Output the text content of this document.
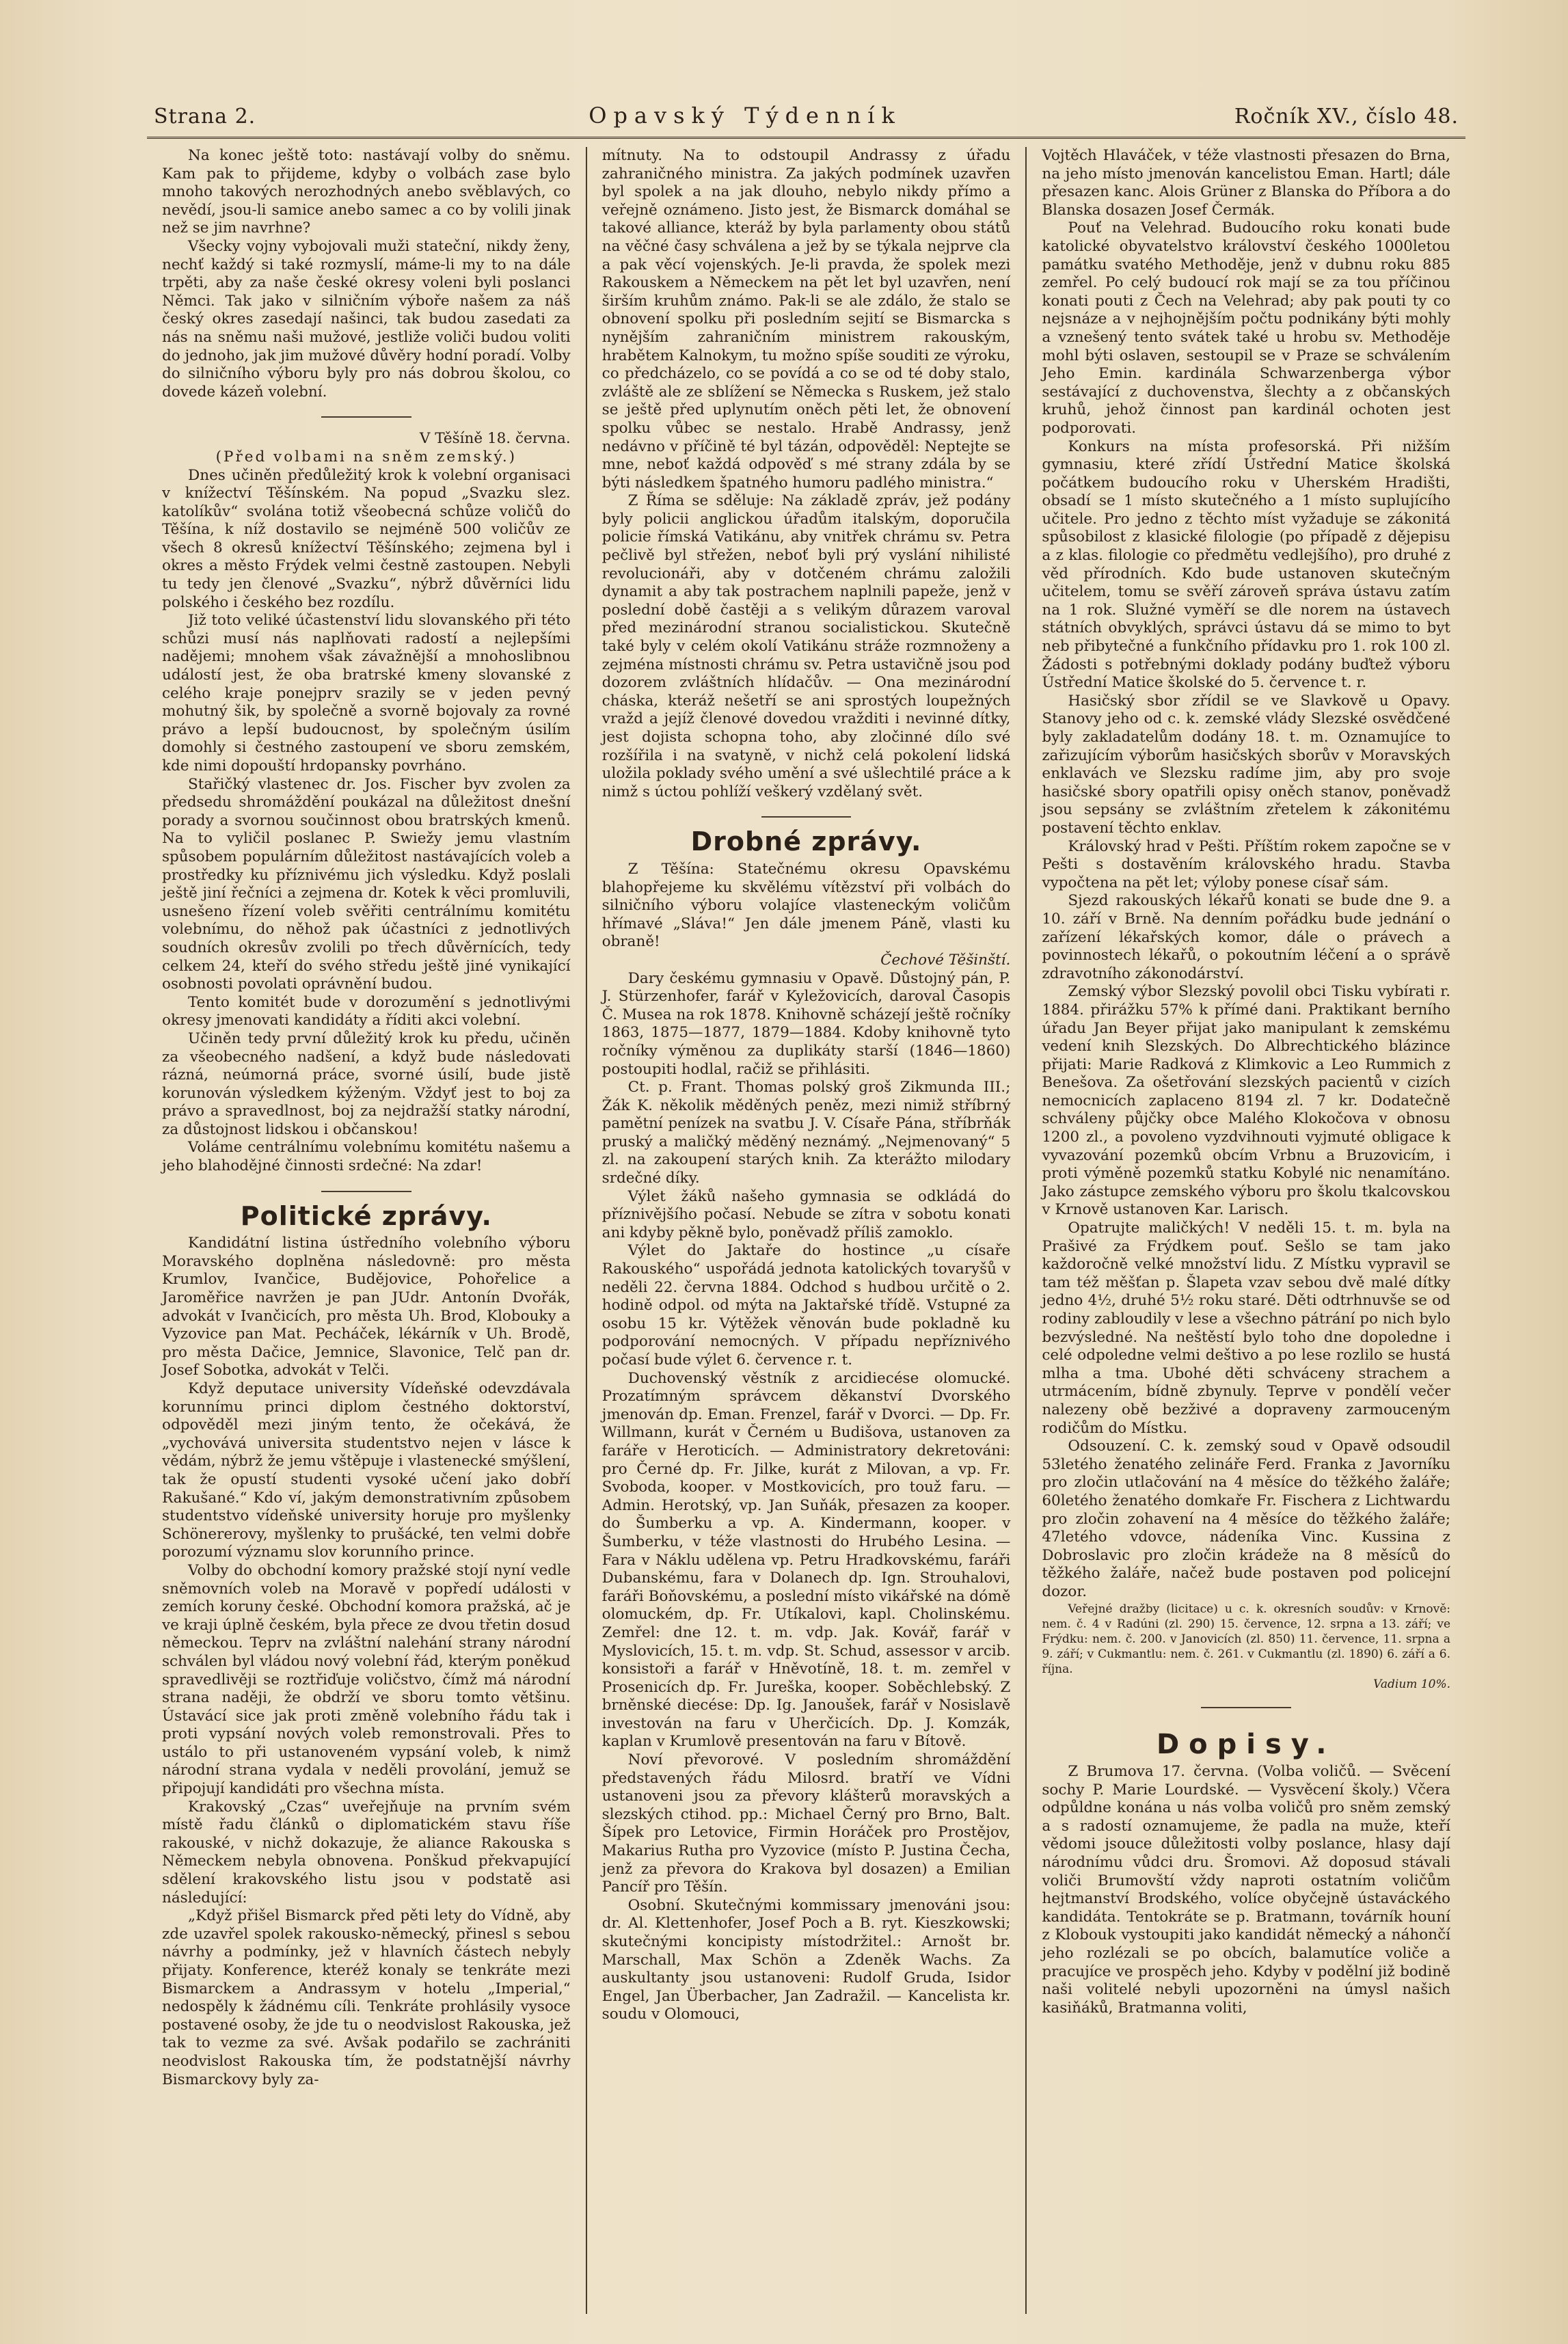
Strana 2.	Opavský Týdenník	Ročník XV., číslo 48.

Na konec ještě toto: nastávají volby do sněmu. Kam pak to přijdeme, kdyby o volbách zase bylo mnoho takových nerozhodných anebo svěblavých, co nevědí, jsou-li samice anebo samec a co by volili jinak než se jim navrhne?

Všecky vojny vybojovali muži stateční, nikdy ženy, nechť každý si také rozmyslí, máme-li my to na dále trpěti, aby za naše české okresy voleni byli poslanci Němci. Tak jako v silničním výboře našem za náš český okres zasedají našinci, tak budou zasedati za nás na sněmu naši mužové, jestliže voliči budou voliti do jednoho, jak jim mužové důvěry hodní poradí. Volby do silničního výboru byly pro nás dobrou školou, co dovede kázeň volební.

V Těšíně 18. června.

(Před volbami na sněm zemský.)

Dnes učiněn předůležitý krok k volební organisaci v knížectví Těšínském. Na popud „Svazku slez. katolíkův“ svolána totiž všeobecná schůze voličů do Těšína, k níž dostavilo se nejméně 500 voličův ze všech 8 okresů knížectví Těšínského; zejmena byl i okres a město Frýdek velmi čestně zastoupen. Nebyli tu tedy jen členové „Svazku“, nýbrž důvěrníci lidu polského i českého bez rozdílu.

Již toto veliké účastenství lidu slovanského při této schůzi musí nás naplňovati radostí a nejlepšími nadějemi; mnohem však závažnější a mnohoslibnou událostí jest, že oba bratrské kmeny slovanské z celého kraje ponejprv srazily se v jeden pevný mohutný šik, by společně a svorně bojovaly za rovné právo a lepší budoucnost, by společným úsilím domohly si čestného zastoupení ve sboru zemském, kde nimi dopouští hrdopansky povrháno.

Stařičký vlastenec dr. Jos. Fischer byv zvolen za předsedu shromáždění poukázal na důležitost dnešní porady a svornou součinnost obou bratrských kmenů. Na to vyličil poslanec P. Swiežy jemu vlastním spůsobem populárním důležitost nastávajících voleb a prostředky ku příznivému jich výsledku. Když poslali ještě jiní řečníci a zejmena dr. Kotek k věci promluvili, usnešeno řízení voleb svěřiti centrálnímu komitétu volebnímu, do něhož pak účastníci z jednotlivých soudních okresův zvolili po třech důvěrnících, tedy celkem 24, kteří do svého středu ještě jiné vynikající osobnosti povolati oprávnění budou.

Tento komitét bude v dorozumění s jednotlivými okresy jmenovati kandidáty a říditi akci volební.

Učiněn tedy první důležitý krok ku předu, učiněn za všeobecného nadšení, a když bude následovati rázná, neúmorná práce, svorné úsilí, bude jistě korunován výsledkem kýženým. Vždyť jest to boj za právo a spravedlnost, boj za nejdražší statky národní, za důstojnost lidskou i občanskou!

Voláme centrálnímu volebnímu komitétu našemu a jeho blahodějné činnosti srdečné: Na zdar!

Politické zprávy.

Kandidátní listina ústředního volebního výboru Moravského doplněna následovně: pro města Krumlov, Ivančice, Budějovice, Pohořelice a Jaroměřice navržen je pan JUdr. Antonín Dvořák, advokát v Ivančicích, pro města Uh. Brod, Klobouky a Vyzovice pan Mat. Pecháček, lékárník v Uh. Brodě, pro města Dačice, Jemnice, Slavonice, Telč pan dr. Josef Sobotka, advokát v Telči.

Když deputace university Vídeňské odevzdávala korunnímu princi diplom čestného doktorství, odpověděl mezi jiným tento, že očekává, že „vychovává universita studentstvo nejen v lásce k vědám, nýbrž že jemu vštěpuje i vlastenecké smýšlení, tak že opustí studenti vysoké učení jako dobří Rakušané.“ Kdo ví, jakým demonstrativním způsobem studentstvo vídeňské university horuje pro myšlenky Schönererovy, myšlenky to prušácké, ten velmi dobře porozumí významu slov korunního prince.

Volby do obchodní komory pražské stojí nyní vedle sněmovních voleb na Moravě v popředí události v zemích koruny české. Obchodní komora pražská, ač je ve kraji úplně českém, byla přece ze dvou třetin dosud německou. Teprv na zvláštní nalehání strany národní schválen byl vládou nový volební řád, kterým poněkud spravedlivěji se roztřiďuje voličstvo, čímž má národní strana naději, že obdrží ve sboru tomto většinu. Ústavácí sice jak proti změně volebního řádu tak i proti vypsání nových voleb remonstrovali. Přes to ustálo to při ustanoveném vypsání voleb, k nimž národní strana vydala v neděli provolání, jemuž se připojují kandidáti pro všechna místa.

Krakovský „Czas“ uveřejňuje na prvním svém místě řadu článků o diplomatickém stavu říše rakouské, v nichž dokazuje, že aliance Rakouska s Německem nebyla obnovena. Ponškud překvapující sdělení krakovského listu jsou v podstatě asi následující:

„Když přišel Bismarck před pěti lety do Vídně, aby zde uzavřel spolek rakousko-německý, přinesl s sebou návrhy a podmínky, jež v hlavních částech nebyly přijaty. Konference, kteréž konaly se tenkráte mezi Bismarckem a Andrassym v hotelu „Imperial,“ nedospěly k žádnému cíli. Tenkráte prohlásily vysoce postavené osoby, že jde tu o neodvislost Rakouska, jež tak to vezme za své. Avšak podařilo se zachrániti neodvislost Rakouska tím, že podstatnější návrhy Bismarckovy byly za-

mítnuty. Na to odstoupil Andrassy z úřadu zahraničného ministra. Za jakých podmínek uzavřen byl spolek a na jak dlouho, nebylo nikdy přímo a veřejně oznámeno. Jisto jest, že Bismarck domáhal se takové alliance, kteráž by byla parlamenty obou států na věčné časy schválena a jež by se týkala nejprve cla a pak věcí vojenských. Je-li pravda, že spolek mezi Rakouskem a Německem na pět let byl uzavřen, není širším kruhům známo. Pak-li se ale zdálo, že stalo se obnovení spolku při posledním sejití se Bismarcka s nynějším zahraničním ministrem rakouským, hrabětem Kalnokym, tu možno spíše souditi ze výroku, co předcházelo, co se povídá a co se od té doby stalo, zvláště ale ze sblížení se Německa s Ruskem, jež stalo se ještě před uplynutím oněch pěti let, že obnovení spolku vůbec se nestalo. Hrabě Andrassy, jenž nedávno v příčině té byl tázán, odpověděl: Neptejte se mne, neboť každá odpověď s mé strany zdála by se býti následkem špatného humoru padlého ministra.“

Z Říma se sděluje: Na základě zpráv, jež podány byly policii anglickou úřadům italským, doporučila policie římská Vatikánu, aby vnitřek chrámu sv. Petra pečlivě byl střežen, neboť byli prý vyslání nihilisté revolucionáři, aby v dotčeném chrámu založili dynamit a aby tak postrachem naplnili papeže, jenž v poslední době častěji a s velikým důrazem varoval před mezinárodní stranou socialistickou. Skutečně také byly v celém okolí Vatikánu stráže rozmnoženy a zejména místnosti chrámu sv. Petra ustavičně jsou pod dozorem zvláštních hlídačův. — Ona mezinárodní cháska, kteráž nešetří se ani sprostých loupežných vražd a jejíž členové dovedou vražditi i nevinné dítky, jest dojista schopna toho, aby zločinné dílo své rozšířila i na svatyně, v nichž celá pokolení lidská uložila poklady svého umění a své ušlechtilé práce a k nimž s úctou pohlíží veškerý vzdělaný svět.

Drobné zprávy.

Z Těšína: Statečnému okresu Opavskému blahopřejeme ku skvělému vítězství při volbách do silničního výboru volajíce vlasteneckým voličům hřímavé „Sláva!“ Jen dále jmenem Páně, vlasti ku obraně!

Čechové Těšinští.

Dary českému gymnasiu v Opavě. Důstojný pán, P. J. Stürzenhofer, farář v Kyležovicích, daroval Časopis Č. Musea na rok 1878. Knihovně scházejí ještě ročníky 1863, 1875—1877, 1879—1884. Kdoby knihovně tyto ročníky výměnou za duplikáty starší (1846—1860) postoupiti hodlal, račiž se přihlásiti.

Ct. p. Frant. Thomas polský groš Zikmunda III.; Žák K. několik měděných peněz, mezi nimiž stříbrný pamětní penízek na svatbu J. V. Císaře Pána, stříbrňák pruský a maličký měděný neznámý. „Nejmenovaný“ 5 zl. na zakoupení starých knih. Za kterážto milodary srdečné díky.

Výlet žáků našeho gymnasia se odkládá do příznivějšího počasí. Nebude se zítra v sobotu konati ani kdyby pěkně bylo, poněvadž příliš zamoklo.

Výlet do Jaktaře do hostince „u císaře Rakouského“ uspořádá jednota katolických tovaryšů v neděli 22. června 1884. Odchod s hudbou určitě o 2. hodině odpol. od mýta na Jaktařské třídě. Vstupné za osobu 15 kr. Výtěžek věnován bude pokladně ku podporování nemocných. V případu nepříznivého počasí bude výlet 6. července r. t.

Duchovenský věstník z arcidiecése olomucké. Prozatímným správcem děkanství Dvorského jmenován dp. Eman. Frenzel, farář v Dvorci. — Dp. Fr. Willmann, kurát v Černém u Budišova, ustanoven za faráře v Heroticích. — Administratory dekretováni: pro Černé dp. Fr. Jilke, kurát z Milovan, a vp. Fr. Svoboda, kooper. v Mostkovicích, pro touž faru. — Admin. Herotský, vp. Jan Suňák, přesazen za kooper. do Šumberku a vp. A. Kindermann, kooper. v Šumberku, v téže vlastnosti do Hrubého Lesina. — Fara v Náklu udělena vp. Petru Hradkovskému, faráři Dubanskému, fara v Dolanech dp. Ign. Strouhalovi, faráři Boňovskému, a poslední místo vikářské na dómě olomuckém, dp. Fr. Utíkalovi, kapl. Cholinskému. Zemřel: dne 12. t. m. vdp. Jak. Kovář, farář v Myslovicích, 15. t. m. vdp. St. Schud, assessor v arcib. konsistoři a farář v Hněvotíně, 18. t. m. zemřel v Prosenicích dp. Fr. Jureška, kooper. Soběchlebský. Z brněnské diecése: Dp. Ig. Janoušek, farář v Nosislavě investován na faru v Uherčicích. Dp. J. Komzák, kaplan v Krumlově presentován na faru v Bítově.

Noví převorové. V posledním shromáždění představených řádu Milosrd. bratří ve Vídni ustanoveni jsou za převory klášterů moravských a slezských ctihod. pp.: Michael Černý pro Brno, Balt. Šípek pro Letovice, Firmin Horáček pro Prostějov, Makarius Rutha pro Vyzovice (místo P. Justina Čecha, jenž za převora do Krakova byl dosazen) a Emilian Pancíř pro Těšín.

Osobní. Skutečnými kommissary jmenováni jsou: dr. Al. Klettenhofer, Josef Poch a B. ryt. Kieszkowski; skutečnými koncipisty místodržitel.: Arnošt br. Marschall, Max Schön a Zdeněk Wachs. Za auskultanty jsou ustanoveni: Rudolf Gruda, Isidor Engel, Jan Überbacher, Jan Zadražil. — Kancelista kr. soudu v Olomouci,

Vojtěch Hlaváček, v téže vlastnosti přesazen do Brna, na jeho místo jmenován kancelistou Eman. Hartl; dále přesazen kanc. Alois Grüner z Blanska do Příbora a do Blanska dosazen Josef Čermák.

Pouť na Velehrad. Budoucího roku konati bude katolické obyvatelstvo království českého 1000letou památku svatého Methoděje, jenž v dubnu roku 885 zemřel. Po celý budoucí rok mají se za tou příčinou konati pouti z Čech na Velehrad; aby pak pouti ty co nejsnáze a v nejhojnějším počtu podnikány býti mohly a vznešený tento svátek také u hrobu sv. Methoděje mohl býti oslaven, sestoupil se v Praze se schválením Jeho Emin. kardinála Schwarzenberga výbor sestávající z duchovenstva, šlechty a z občanských kruhů, jehož činnost pan kardinál ochoten jest podporovati.

Konkurs na místa profesorská. Při nižším gymnasiu, které zřídí Ústřední Matice školská počátkem budoucího roku v Uherském Hradišti, obsadí se 1 místo skutečného a 1 místo suplujícího učitele. Pro jedno z těchto míst vyžaduje se zákonitá spůsobilost z klasické filologie (po případě z dějepisu a z klas. filologie co předmětu vedlejšího), pro druhé z věd přírodních. Kdo bude ustanoven skutečným učitelem, tomu se svěří zároveň správa ústavu zatím na 1 rok. Služné vyměří se dle norem na ústavech státních obvyklých, správci ústavu dá se mimo to byt neb přibytečné a funkčního přídavku pro 1. rok 100 zl. Žádosti s potřebnými doklady podány buďtež výboru Ústřední Matice školské do 5. července t. r.

Hasičský sbor zřídil se ve Slavkově u Opavy. Stanovy jeho od c. k. zemské vlády Slezské osvědčené byly zakladatelům dodány 18. t. m. Oznamujíce to zařizujícím výborům hasičských sborův v Moravských enklavách ve Slezsku radíme jim, aby pro svoje hasičské sbory opatřili opisy oněch stanov, poněvadž jsou sepsány se zvláštním zřetelem k zákonitému postavení těchto enklav.

Královský hrad v Pešti. Příštím rokem započne se v Pešti s dostavěním královského hradu. Stavba vypočtena na pět let; výloby ponese císař sám.

Sjezd rakouských lékařů konati se bude dne 9. a 10. září v Brně. Na denním pořádku bude jednání o zařízení lékařských komor, dále o právech a povinnostech lékařů, o pokoutním léčení a o správě zdravotního zákonodárství.

Zemský výbor Slezský povolil obci Tisku vybírati r. 1884. přirážku 57% k přímé dani. Praktikant berního úřadu Jan Beyer přijat jako manipulant k zemskému vedení knih Slezských. Do Albrechtického blázince přijati: Marie Radková z Klimkovic a Leo Rummich z Benešova. Za ošetřování slezských pacientů v cizích nemocnicích zaplaceno 8194 zl. 7 kr. Dodatečně schváleny půjčky obce Malého Klokočova v obnosu 1200 zl., a povoleno vyzdvihnouti vyjmuté obligace k vyvazování pozemků obcím Vrbnu a Bruzovicím, i proti výměně pozemků statku Kobylé nic nenamítáno. Jako zástupce zemského výboru pro školu tkalcovskou v Krnově ustanoven Kar. Larisch.

Opatrujte maličkých! V neděli 15. t. m. byla na Prašivé za Frýdkem pouť. Sešlo se tam jako každoročně velké množství lidu. Z Místku vypravil se tam též měšťan p. Šlapeta vzav sebou dvě malé dítky jedno 4½, druhé 5½ roku staré. Děti odtrhnuvše se od rodiny zabloudily v lese a všechno pátrání po nich bylo bezvýsledné. Na neštěstí bylo toho dne dopoledne i celé odpoledne velmi deštivo a po lese rozlilo se hustá mlha a tma. Ubohé děti schváceny strachem a utrmácením, bídně zbynuly. Teprve v pondělí večer nalezeny obě bezživé a dopraveny zarmouceným rodičům do Místku.

Odsouzení. C. k. zemský soud v Opavě odsoudil 53letého ženatého zelináře Ferd. Franka z Javorníku pro zločin utlačování na 4 měsíce do těžkého žaláře; 60letého ženatého domkaře Fr. Fischera z Lichtwardu pro zločin zohavení na 4 měsíce do těžkého žaláře; 47letého vdovce, nádeníka Vinc. Kussina z Dobroslavic pro zločin krádeže na 8 měsíců do těžkého žaláře, načež bude postaven pod policejní dozor.

Veřejné dražby (licitace) u c. k. okresních soudův: v Krnově: nem. č. 4 v Radúni (zl. 290) 15. července, 12. srpna a 13. září; ve Frýdku: nem. č. 200. v Janovicích (zl. 850) 11. července, 11. srpna a 9. září; v Cukmantlu: nem. č. 261. v Cukmantlu (zl. 1890) 6. září a 6. října.

Vadium 10%.

Dopisy.

Z Brumova 17. června. (Volba voličů. — Svěcení sochy P. Marie Lourdské. — Vysvěcení školy.) Včera odpůldne konána u nás volba voličů pro sněm zemský a s radostí oznamujeme, že padla na muže, kteří vědomi jsouce důležitosti volby poslance, hlasy dají národnímu vůdci dru. Šromovi. Až doposud stávali voliči Brumovští vždy naproti ostatním voličům hejtmanství Brodského, volíce obyčejně ústaváckého kandidáta. Tentokráte se p. Bratmann, továrník houní z Klobouk vystoupiti jako kandidát německý a náhončí jeho rozlézali se po obcích, balamutíce voliče a pracujíce ve prospěch jeho. Kdyby v podělní již bodině naši volitelé nebyli upozorněni na úmysl našich kasiňáků, Bratmanna voliti,
